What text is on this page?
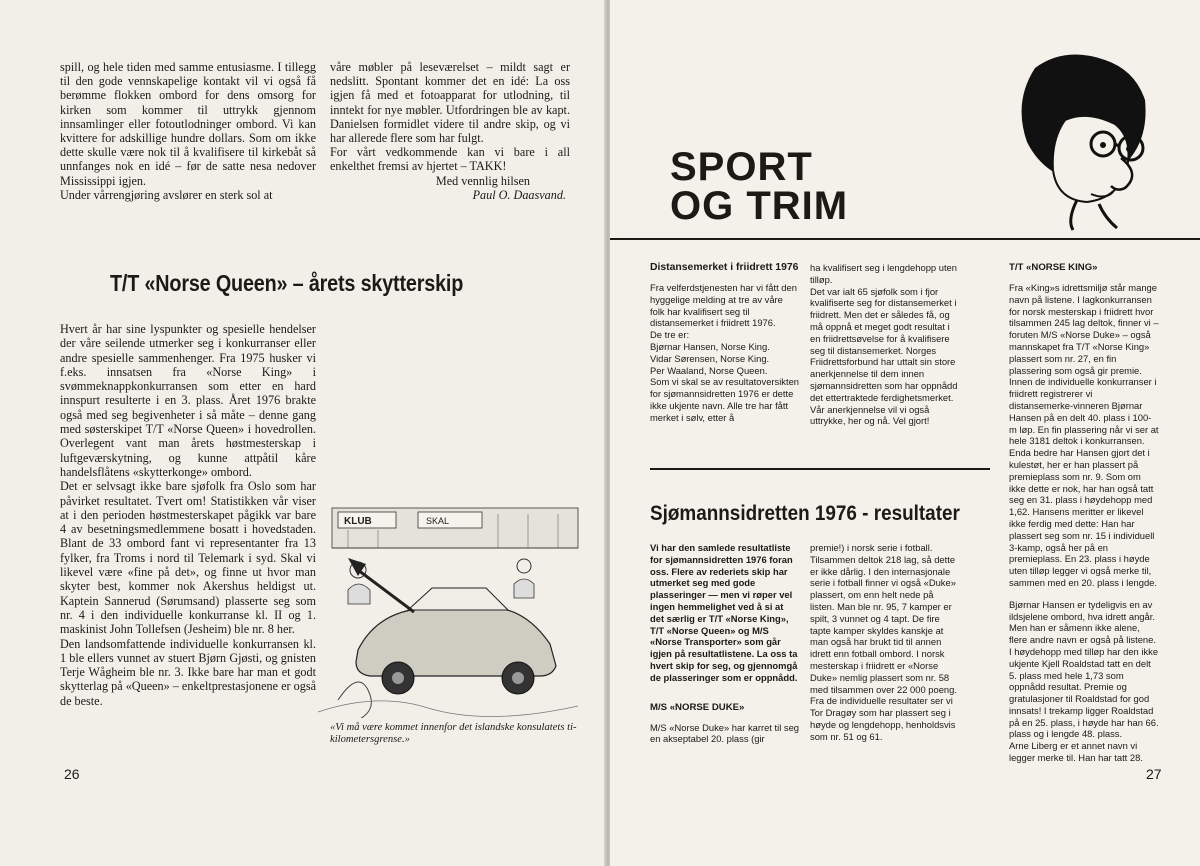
spill, og hele tiden med samme entusiasme. I tillegg til den gode vennskapelige kontakt vil vi også få berømme flokken ombord for dens omsorg for kirken som kommer til uttrykk gjennom innsamlinger eller fotoutlodninger ombord. Vi kan kvittere for adskillige hundre dollars. Som om ikke dette skulle være nok til å kvalifisere til kirkebåt så unnfanges nok en idé – før de satte nesa nedover Mississippi igjen.

Under vårrengjøring avslører en sterk sol at

våre møbler på leseværelset – mildt sagt er nedslitt. Spontant kommer det en idé: La oss igjen få med et fotoapparat for utlodning, til inntekt for nye møbler. Utfordringen ble av kapt. Danielsen formidlet videre til andre skip, og vi har allerede flere som har fulgt.

For vårt vedkommende kan vi bare i all enkelthet fremsi av hjertet – TAKK!

Med vennlig hilsen

Paul O. Daasvand.

T/T «Norse Queen» – årets skytterskip

Hvert år har sine lyspunkter og spesielle hendelser der våre seilende utmerker seg i konkurranser eller andre spesielle sammenhenger. Fra 1975 husker vi f.eks. innsatsen fra «Norse King» i svømmeknappkonkurransen som etter en hard innspurt resulterte i en 3. plass. Året 1976 brakte også med seg begivenheter i så måte – denne gang med søsterskipet T/T «Norse Queen» i hovedrollen. Overlegent vant man årets høstmesterskap i luftgeværskytning, og kunne attpåtil kåre handelsflåtens «skytterkonge» ombord.

Det er selvsagt ikke bare sjøfolk fra Oslo som har påvirket resultatet. Tvert om! Statistikken vår viser at i den perioden høstmesterskapet pågikk var bare 4 av besetningsmedlemmene bosatt i hovedstaden. Blant de 33 ombord fant vi representanter fra 13 fylker, fra Troms i nord til Telemark i syd. Skal vi likevel være «fine på det», og finne ut hvor man skyter best, kommer nok Akershus heldigst ut. Kaptein Sannerud (Sørumsand) plasserte seg som nr. 4 i den individuelle konkurranse kl. II og 1. maskinist John Tollefsen (Jesheim) ble nr. 8 her.

Den landsomfattende individuelle konkurransen kl. 1 ble ellers vunnet av stuert Bjørn Gjøsti, og gnisten Terje Wågheim ble nr. 3. Ikke bare har man et godt skytterlag på «Queen» – enkeltprestasjonene er også de beste.

KLUB	SKAL
«Vi må være kommet innenfor det islandske konsulatets ti-kilometersgrense.»
26
SPORT
OG TRIM
Distansemerket i friidrett 1976

Fra velferdstjenesten har vi fått den hyggelige melding at tre av våre folk har kvalifisert seg til distansemerket i friidrett 1976.

De tre er:

Bjørnar Hansen, Norse King.

Vidar Sørensen, Norse King.

Per Waaland, Norse Queen.

Som vi skal se av resultatoversikten for sjømannsidretten 1976 er dette ikke ukjente navn. Alle tre har fått merket i sølv, etter å

ha kvalifisert seg i lengdehopp uten tilløp.

Det var ialt 65 sjøfolk som i fjor kvalifiserte seg for distansemerket i friidrett. Men det er således få, og må oppnå et meget godt resultat i en friidrettsøvelse for å kvalifisere seg til distansemerket. Norges Friidrettsforbund har uttalt sin store anerkjennelse til dem innen sjømannsidretten som har oppnådd det ettertraktede ferdighetsmerket.

Vår anerkjennelse vil vi også uttrykke, her og nå. Vel gjort!

Sjømannsidretten 1976 - resultater
Vi har den samlede resultatliste for sjømannsidretten 1976 foran oss. Flere av rederiets skip har utmerket seg med gode plasseringer — men vi røper vel ingen hemmelighet ved å si at det særlig er T/T «Norse King», T/T «Norse Queen» og M/S «Norse Transporter» som går igjen på resultatlistene. La oss ta hvert skip for seg, og gjennomgå de plasseringer som er oppnådd.
M/S «NORSE DUKE»
M/S «Norse Duke» har karret til seg en akseptabel 20. plass (gir

premie!) i norsk serie i fotball.

Tilsammen deltok 218 lag, så dette er ikke dårlig. I den internasjonale serie i fotball finner vi også «Duke» plassert, om enn helt nede på listen. Man ble nr. 95, 7 kamper er spilt, 3 vunnet og 4 tapt. De fire tapte kamper skyldes kanskje at man også har brukt tid til annen idrett enn fotball ombord. I norsk mesterskap i friidrett er «Norse Duke» nemlig plassert som nr. 58 med tilsammen over 22 000 poeng. Fra de individuelle resultater ser vi Tor Dragøy som har plassert seg i høyde og lengdehopp, henholdsvis som nr. 51 og 61.

T/T «NORSE KING»

Fra «King»s idrettsmiljø står mange navn på listene. I lagkonkurransen for norsk mesterskap i friidrett hvor tilsammen 245 lag deltok, finner vi – foruten M/S «Norse Duke» – også mannskapet fra T/T «Norse King» plassert som nr. 27, en fin plassering som også gir premie. Innen de individuelle konkurranser i friidrett registrerer vi distansemerke-vinneren Bjørnar Hansen på en delt 40. plass i 100-m løp. En fin plassering når vi ser at hele 3181 deltok i konkurransen. Enda bedre har Hansen gjort det i kulestøt, her er han plassert på premieplass som nr. 9. Som om ikke dette er nok, har han også tatt seg en 31. plass i høydehopp med 1,62. Hansens meritter er likevel ikke ferdig med dette: Han har plassert seg som nr. 15 i individuell 3-kamp, også her på en premieplass. En 23. plass i høyde uten tilløp legger vi også merke til, sammen med en 20. plass i lengde.

Bjørnar Hansen er tydeligvis en av ildsjelene ombord, hva idrett angår. Men han er såmenn ikke alene, flere andre navn er også på listene. I høydehopp med tilløp har den ikke ukjente Kjell Roaldstad tatt en delt 5. plass med hele 1,73 som oppnådd resultat. Premie og gratulasjoner til Roaldstad for god innsats! I trekamp ligger Roaldstad på en 25. plass, i høyde har han 66. plass og i lengde 48. plass.

Arne Liberg er et annet navn vi legger merke til. Han har tatt 28.

27
